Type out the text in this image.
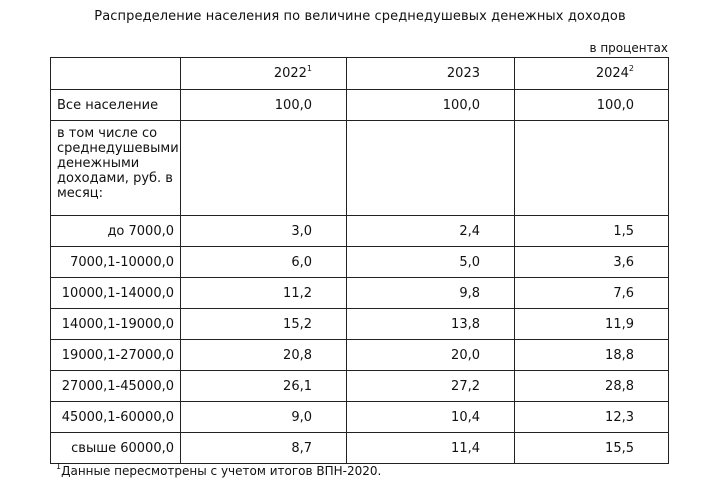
Распределение населения по величине среднедушевых денежных доходов
в процентах
	2022$^1$	2023	2024$^2$
Все население	100,0	100,0	100,0
в том числе со среднедушевыми денежными доходами, руб. в месяц:			
до 7000,0	3,0	2,4	1,5
7000,1-10000,0	6,0	5,0	3,6
10000,1-14000,0	11,2	9,8	7,6
14000,1-19000,0	15,2	13,8	11,9
19000,1-27000,0	20,8	20,0	18,8
27000,1-45000,0	26,1	27,2	28,8
45000,1-60000,0	9,0	10,4	12,3
свыше 60000,0	8,7	11,4	15,5
$^1$Данные пересмотрены с учетом итогов ВПН-2020.
